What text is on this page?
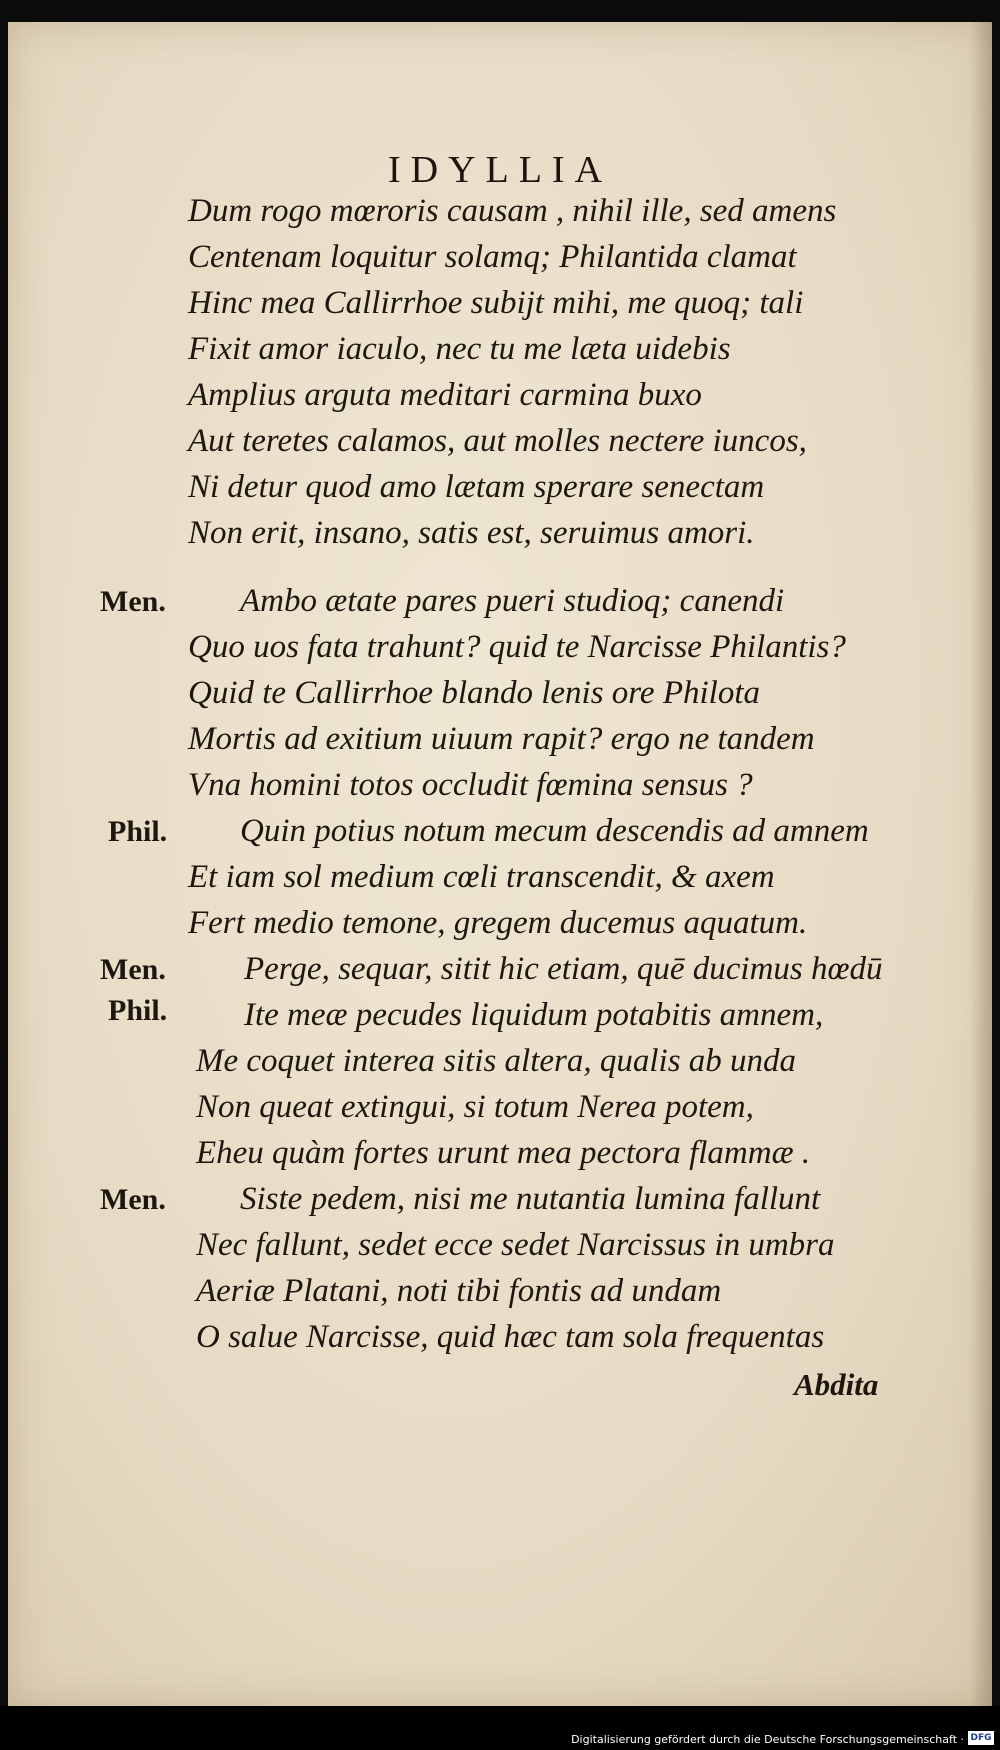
IDYLLIA
Dum rogo mœroris causam , nihil ille, sed amens
Centenam loquitur solamq; Philantida clamat
Hinc mea Callirrhoe subijt mihi, me quoq; tali
Fixit amor iaculo, nec tu me læta uidebis
Amplius arguta meditari carmina buxo
Aut teretes calamos, aut molles nectere iuncos,
Ni detur quod amo lætam sperare senectam
Non erit, insano, satis est, seruimus amori.
Men. Ambo ætate pares pueri studioq; canendi
Quo uos fata trahunt? quid te Narcisse Philantis?
Quid te Callirrhoe blando lenis ore Philota
Mortis ad exitium uiuum rapit? ergo ne tandem
Vna homini totos occludit fœmina sensus ?
Phil. Quin potius notum mecum descendis ad amnem
Et iam sol medium cœli transcendit, & axem
Fert medio temone, gregem ducemus aquatum.
Men. Perge, sequar, sitit hic etiam, quē ducimus hœdū
Phil. Ite meæ pecudes liquidum potabitis amnem,
Me coquet interea sitis altera, qualis ab unda
Non queat extingui, si totum Nerea potem,
Eheu quàm fortes urunt mea pectora flammæ .
Men. Siste pedem, nisi me nutantia lumina fallunt
Nec fallunt, sedet ecce sedet Narcissus in umbra
Aeriæ Platani, noti tibi fontis ad undam
O salue Narcisse, quid hæc tam sola frequentas
Abdita
Digitalisierung gefördert durch die Deutsche Forschungsgemeinschaft · DFG
